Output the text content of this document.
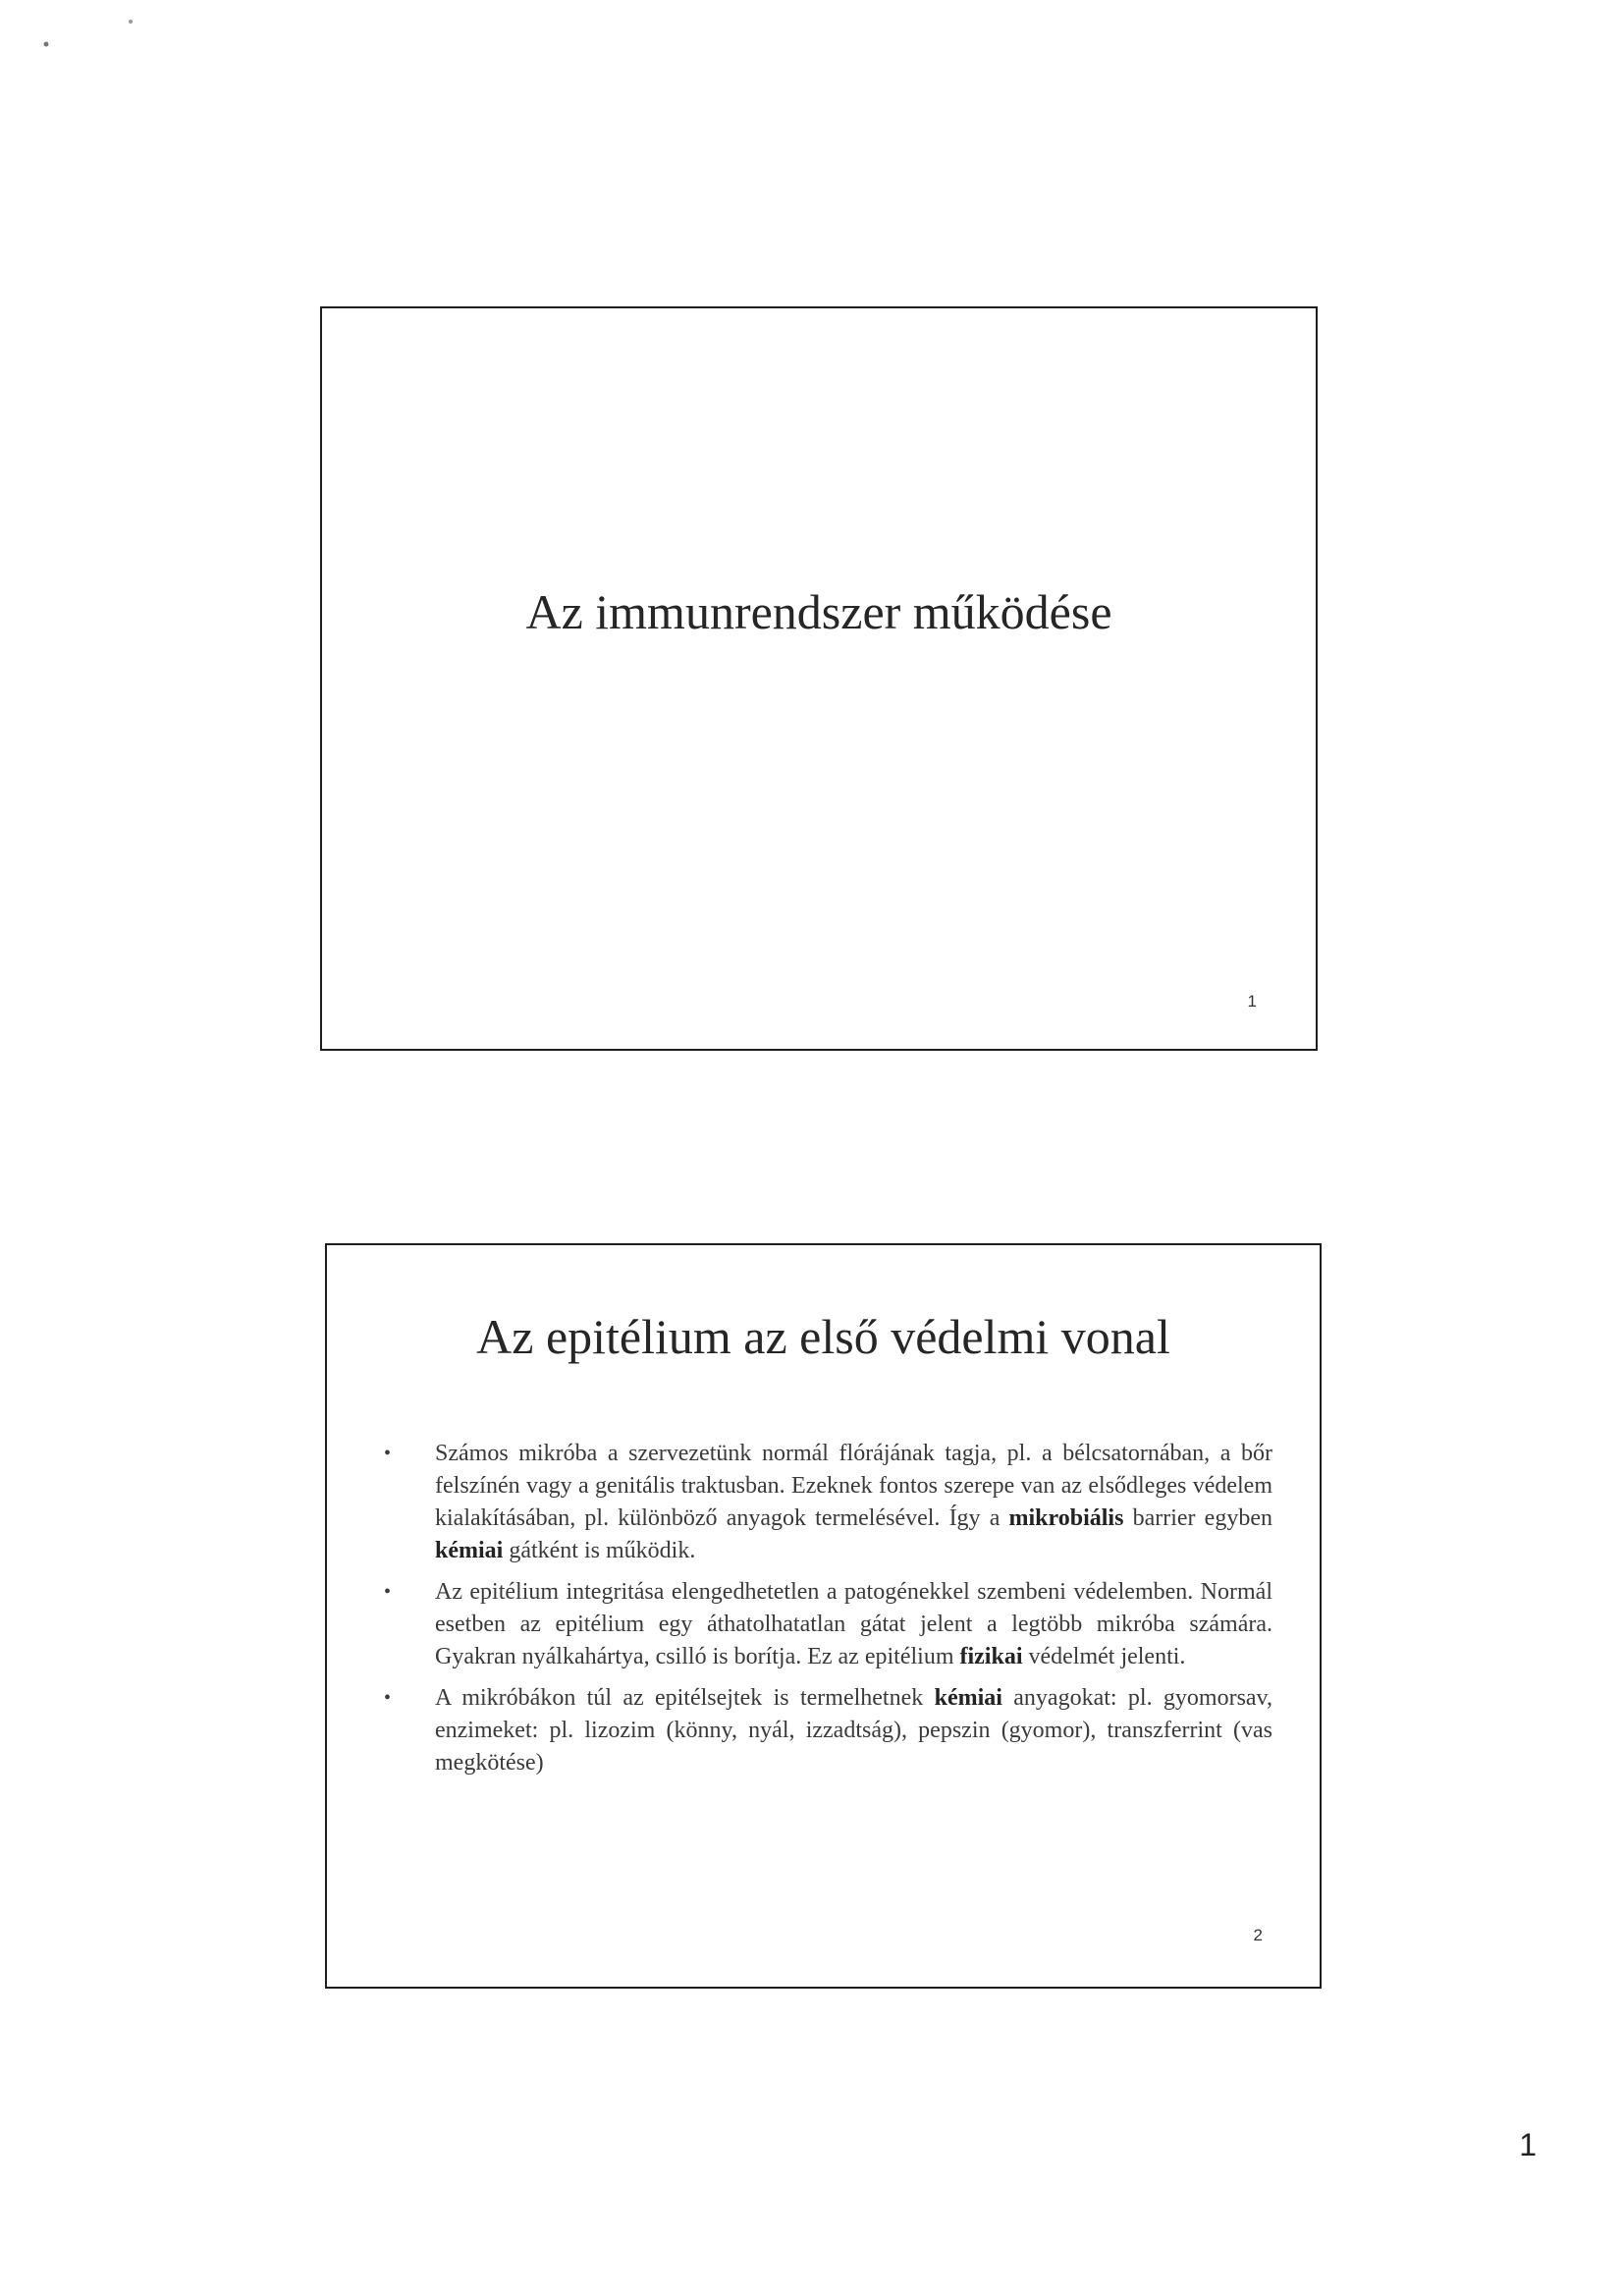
Az immunrendszer működése
1
Az epitélium az első védelmi vonal
• Számos mikróba a szervezetünk normál flórájának tagja, pl. a bélcsatornában, a bőr felszínén vagy a genitális traktusban. Ezeknek fontos szerepe van az elsődleges védelem kialakításában, pl. különböző anyagok termelésével. Így a mikrobiális barrier egyben kémiai gátként is működik.
• Az epitélium integritása elengedhetetlen a patogénekkel szembeni védelemben. Normál esetben az epitélium egy áthatolhatatlan gátat jelent a legtöbb mikróba számára. Gyakran nyálkahártya, csilló is borítja. Ez az epitélium fizikai védelmét jelenti.
• A mikróbákon túl az epitélsejtek is termelhetnek kémiai anyagokat: pl. gyomorsav, enzimeket: pl. lizozim (könny, nyál, izzadtság), pepszin (gyomor), transzferrint (vas megkötése)
2
1
